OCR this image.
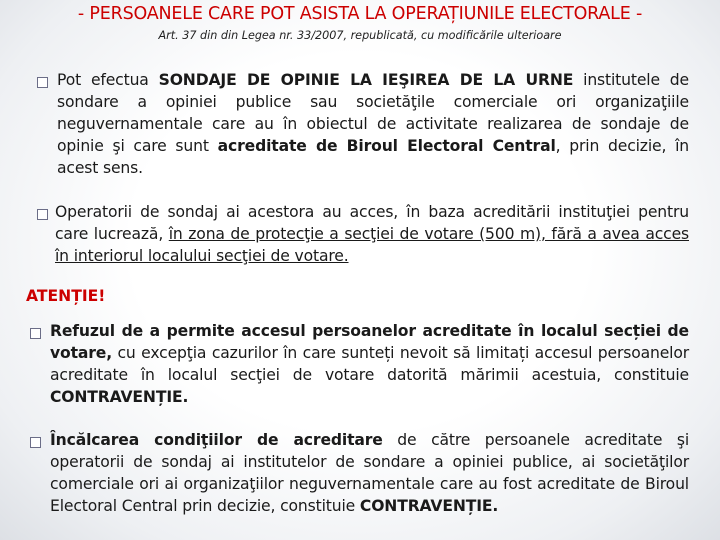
- PERSOANELE CARE POT ASISTA LA OPERAȚIUNILE ELECTORALE -
Art. 37 din din Legea nr. 33/2007, republicată, cu modificările ulterioare
Pot efectua SONDAJE DE OPINIE LA IEŞIREA DE LA URNE institutele de sondare a opiniei publice sau societăţile comerciale ori organizaţiile neguvernamentale care au în obiectul de activitate realizarea de sondaje de opinie şi care sunt acreditate de Biroul Electoral Central, prin decizie, în acest sens.
Operatorii de sondaj ai acestora au acces, în baza acreditării instituţiei pentru care lucrează, în zona de protecţie a secţiei de votare (500 m), fără a avea acces în interiorul localului secţiei de votare.
ATENȚIE!
Refuzul de a permite accesul persoanelor acreditate în localul secției de votare, cu excepţia cazurilor în care sunteți nevoit să limitați accesul persoanelor acreditate în localul secţiei de votare datorită mărimii acestuia, constituie CONTRAVENȚIE.
Încălcarea condiţiilor de acreditare de către persoanele acreditate şi operatorii de sondaj ai institutelor de sondare a opiniei publice, ai societăţilor comerciale ori ai organizaţiilor neguvernamentale care au fost acreditate de Biroul Electoral Central prin decizie, constituie CONTRAVENȚIE.
